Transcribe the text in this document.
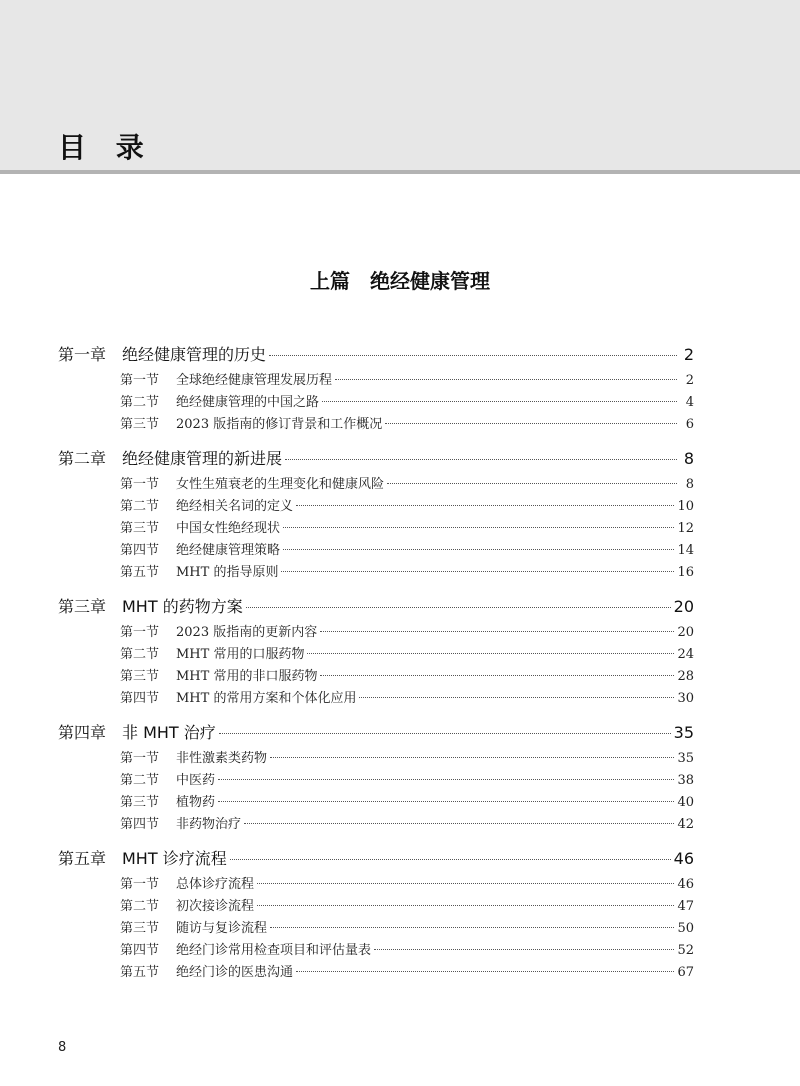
目 录
上篇　绝经健康管理
第一章 绝经健康管理的历史	2
第一节	全球绝经健康管理发展历程	2
第二节	绝经健康管理的中国之路	4
第三节	2023 版指南的修订背景和工作概况	6
第二章 绝经健康管理的新进展	8
第一节	女性生殖衰老的生理变化和健康风险	8
第二节	绝经相关名词的定义	10
第三节	中国女性绝经现状	12
第四节	绝经健康管理策略	14
第五节	MHT 的指导原则	16
第三章 MHT 的药物方案	20
第一节	2023 版指南的更新内容	20
第二节	MHT 常用的口服药物	24
第三节	MHT 常用的非口服药物	28
第四节	MHT 的常用方案和个体化应用	30
第四章 非 MHT 治疗	35
第一节	非性激素类药物	35
第二节	中医药	38
第三节	植物药	40
第四节	非药物治疗	42
第五章 MHT 诊疗流程	46
第一节	总体诊疗流程	46
第二节	初次接诊流程	47
第三节	随访与复诊流程	50
第四节	绝经门诊常用检查项目和评估量表	52
第五节	绝经门诊的医患沟通	67
8
